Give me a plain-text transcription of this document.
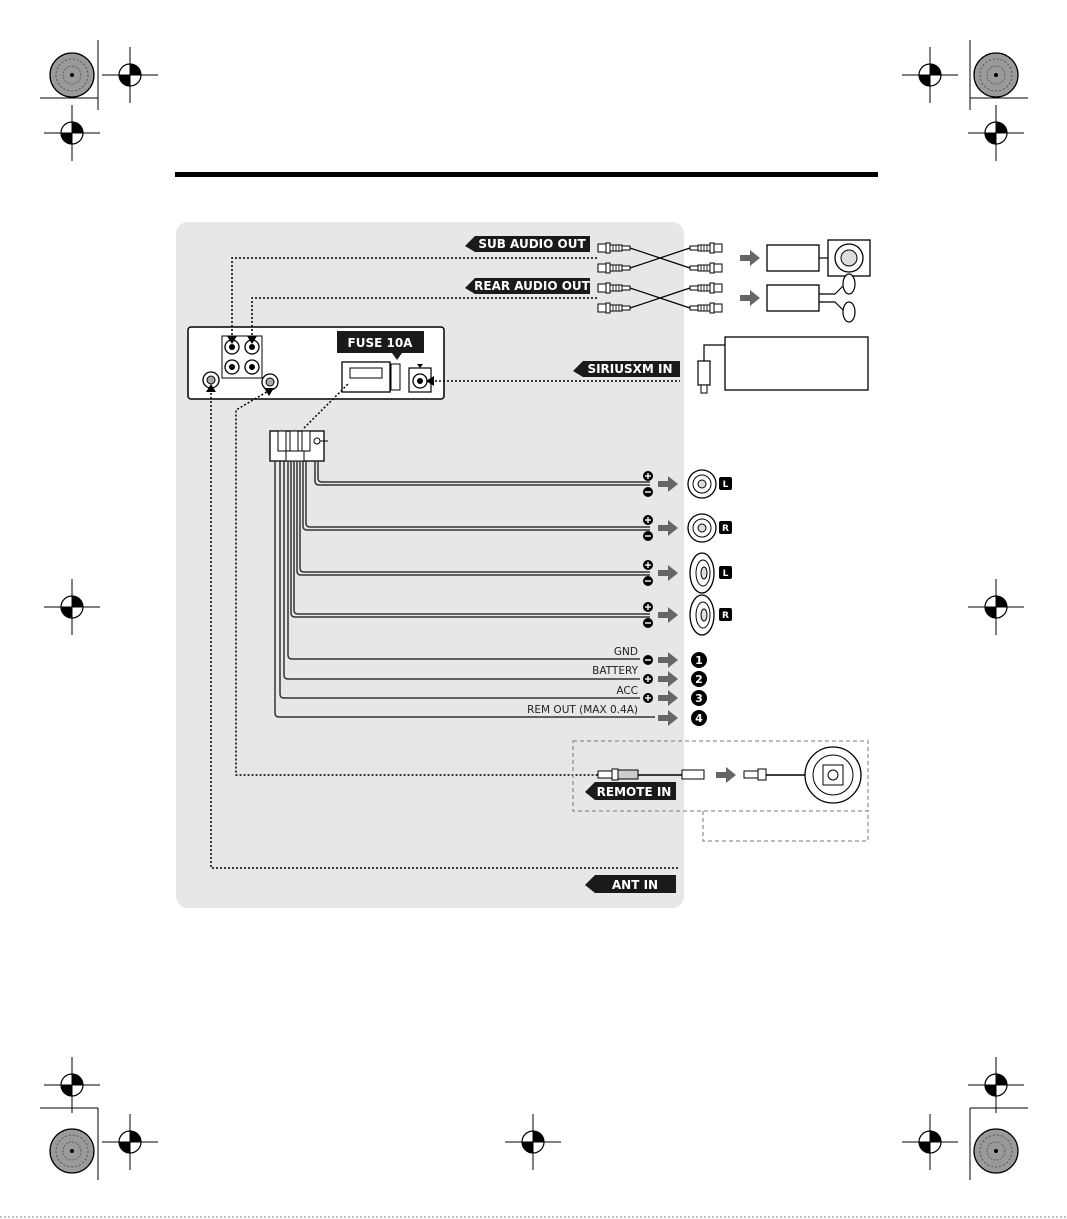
FUSE 10A
SUB AUDIO OUT
REAR AUDIO OUT
SIRIUSXM IN
L
R
L
R
GND
1
BATTERY
2
ACC
3
REM OUT (MAX 0.4A)
4
REMOTE IN
ANT IN
